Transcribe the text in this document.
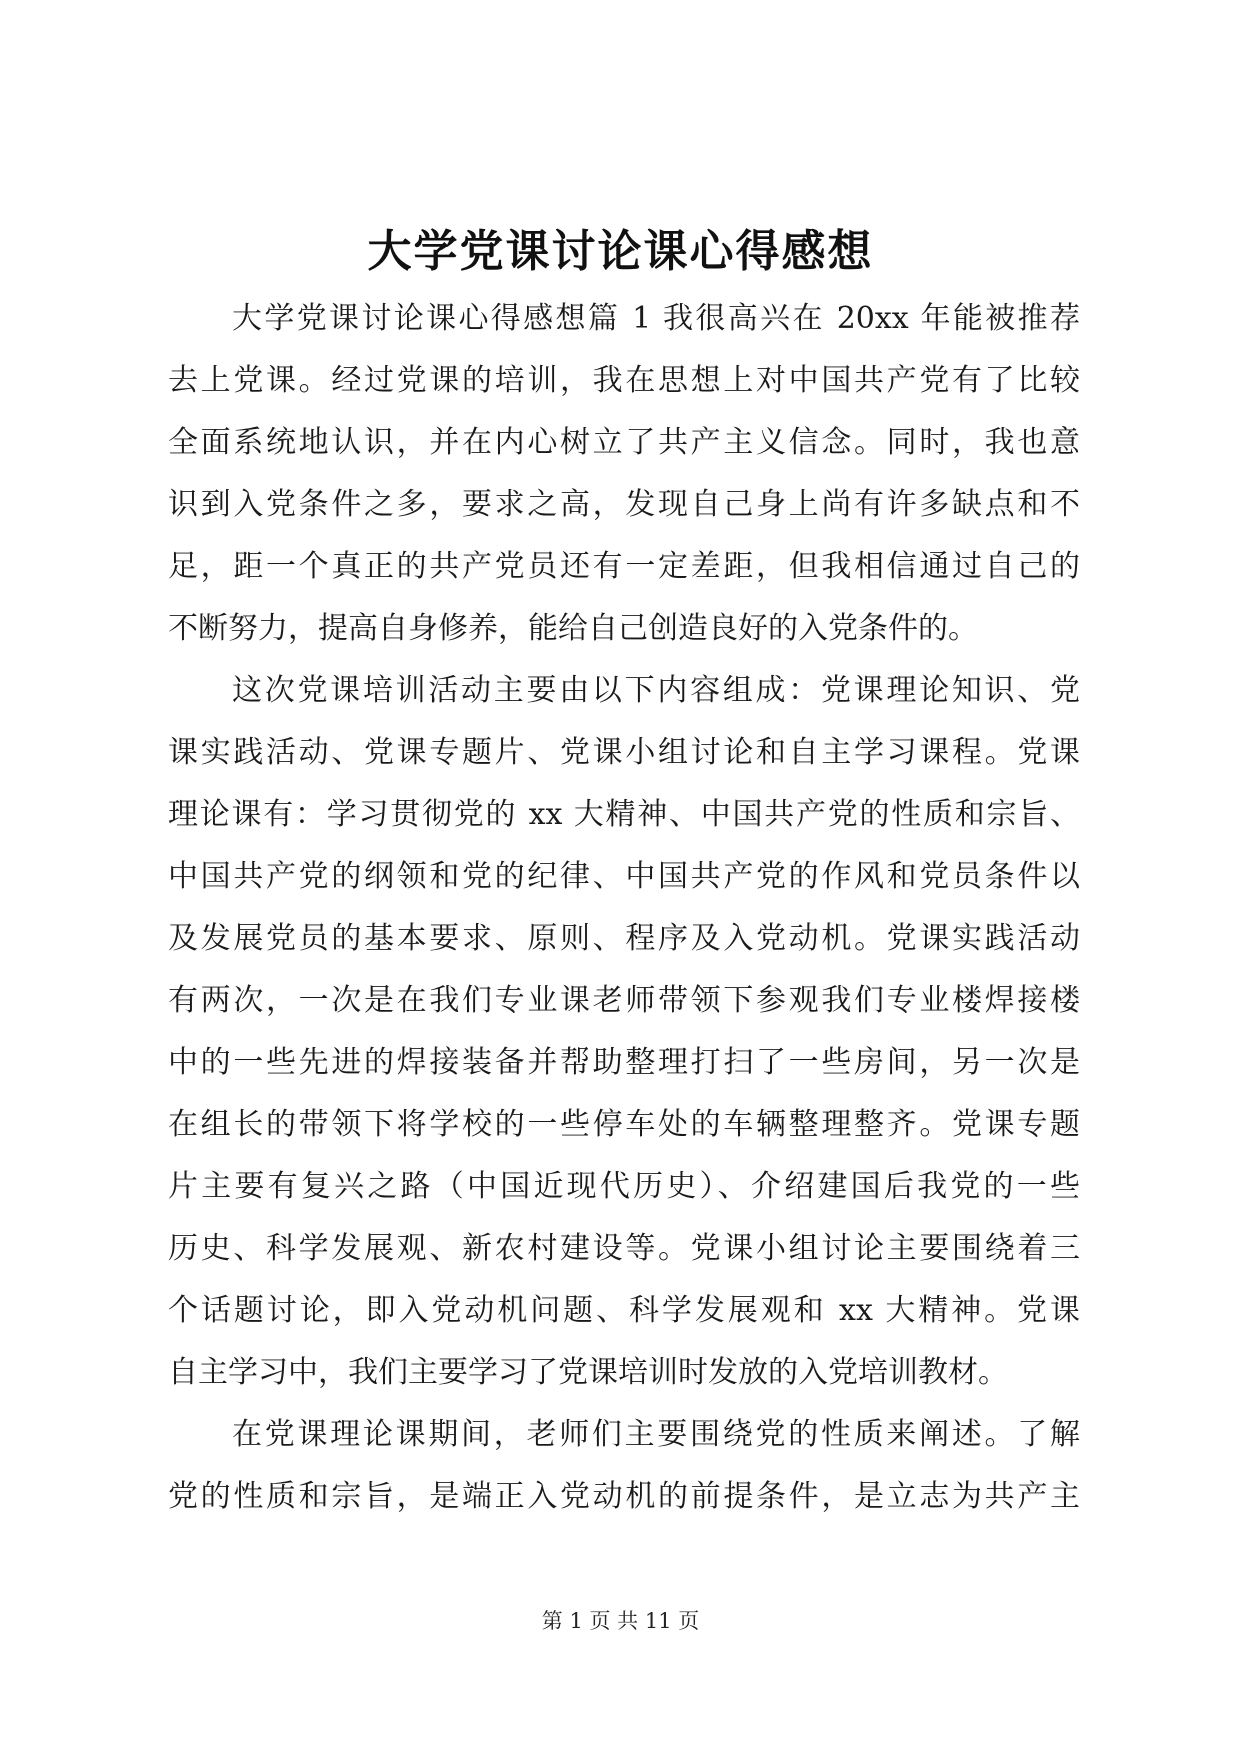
大学党课讨论课心得感想
大学党课讨论课心得感想篇 1 我很高兴在 20xx 年能被推荐
去上党课。经过党课的培训，我在思想上对中国共产党有了比较
全面系统地认识，并在内心树立了共产主义信念。同时，我也意
识到入党条件之多，要求之高，发现自己身上尚有许多缺点和不
足，距一个真正的共产党员还有一定差距，但我相信通过自己的
不断努力，提高自身修养，能给自己创造良好的入党条件的。
这次党课培训活动主要由以下内容组成：党课理论知识、党
课实践活动、党课专题片、党课小组讨论和自主学习课程。党课
理论课有：学习贯彻党的 xx 大精神、中国共产党的性质和宗旨、
中国共产党的纲领和党的纪律、中国共产党的作风和党员条件以
及发展党员的基本要求、原则、程序及入党动机。党课实践活动
有两次，一次是在我们专业课老师带领下参观我们专业楼焊接楼
中的一些先进的焊接装备并帮助整理打扫了一些房间，另一次是
在组长的带领下将学校的一些停车处的车辆整理整齐。党课专题
片主要有复兴之路（中国近现代历史）、介绍建国后我党的一些
历史、科学发展观、新农村建设等。党课小组讨论主要围绕着三
个话题讨论，即入党动机问题、科学发展观和 xx 大精神。党课
自主学习中，我们主要学习了党课培训时发放的入党培训教材。
在党课理论课期间，老师们主要围绕党的性质来阐述。了解
党的性质和宗旨，是端正入党动机的前提条件，是立志为共产主
第 1 页 共 11 页
